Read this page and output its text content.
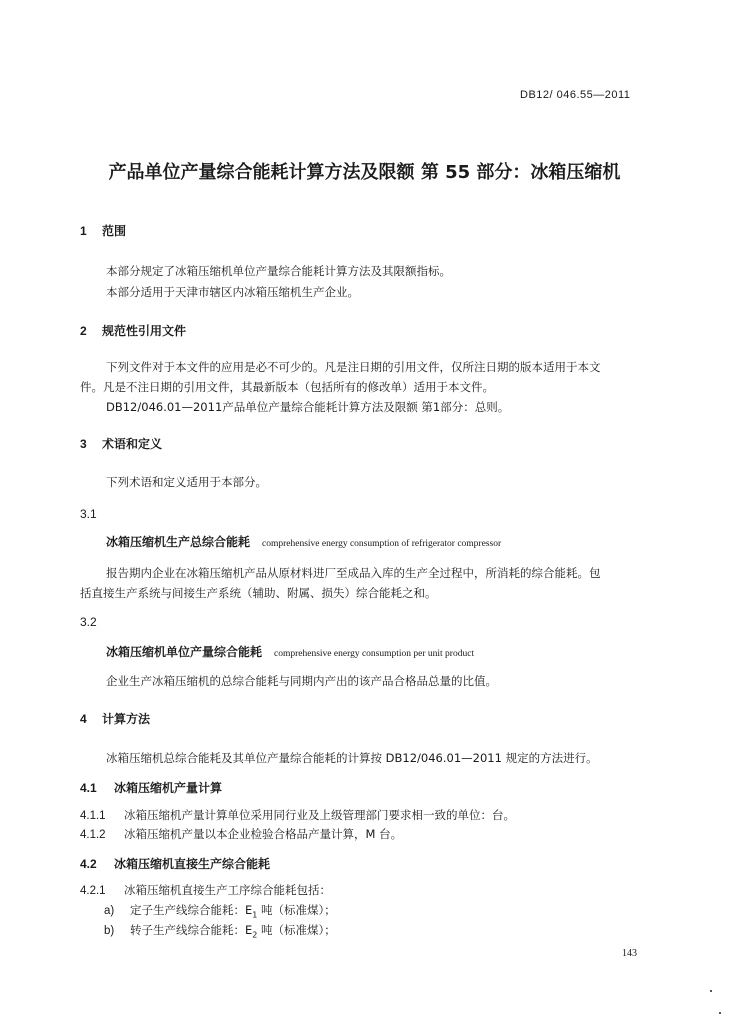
DB12/ 046.55—2011
产品单位产量综合能耗计算方法及限额 第 55 部分：冰箱压缩机
1 范围
本部分规定了冰箱压缩机单位产量综合能耗计算方法及其限额指标。
本部分适用于天津市辖区内冰箱压缩机生产企业。
2 规范性引用文件
下列文件对于本文件的应用是必不可少的。凡是注日期的引用文件，仅所注日期的版本适用于本文
件。凡是不注日期的引用文件，其最新版本（包括所有的修改单）适用于本文件。
DB12/046.01—2011产品单位产量综合能耗计算方法及限额 第1部分：总则。
3 术语和定义
下列术语和定义适用于本部分。
3.1
冰箱压缩机生产总综合能耗 comprehensive energy consumption of refrigerator compressor
报告期内企业在冰箱压缩机产品从原材料进厂至成品入库的生产全过程中，所消耗的综合能耗。包
括直接生产系统与间接生产系统（辅助、附属、损失）综合能耗之和。
3.2
冰箱压缩机单位产量综合能耗 comprehensive energy consumption per unit product
企业生产冰箱压缩机的总综合能耗与同期内产出的该产品合格品总量的比值。
4 计算方法
冰箱压缩机总综合能耗及其单位产量综合能耗的计算按 DB12/046.01—2011 规定的方法进行。
4.1 冰箱压缩机产量计算
4.1.1 冰箱压缩机产量计算单位采用同行业及上级管理部门要求相一致的单位：台。
4.1.2 冰箱压缩机产量以本企业检验合格品产量计算，M 台。
4.2 冰箱压缩机直接生产综合能耗
4.2.1 冰箱压缩机直接生产工序综合能耗包括：
a) 定子生产线综合能耗：$E_1$ 吨（标准煤）；
b) 转子生产线综合能耗：$E_2$ 吨（标准煤）；
143
